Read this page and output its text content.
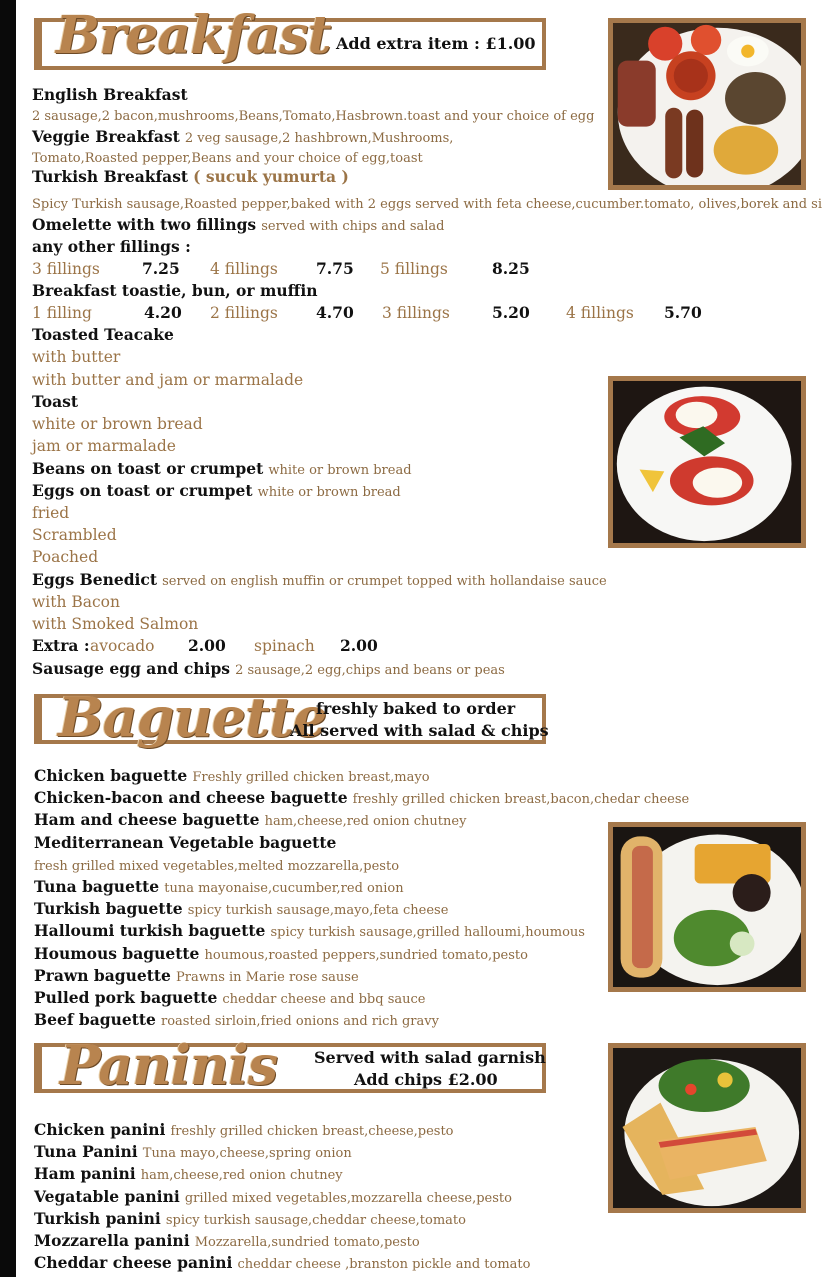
Breakfast Add extra item : £1.00
English Breakfast
2 sausage,2 bacon,mushrooms,Beans,Tomato,Hasbrown.toast and your choice of egg
Veggie Breakfast 2 veg sausage,2 hashbrown,Mushrooms,
Tomato,Roasted pepper,Beans and your choice of egg,toast
Turkish Breakfast ( sucuk yumurta )
Spicy Turkish sausage,Roasted pepper,baked with 2 eggs served with feta cheese,cucumber.tomato, olives,borek and si
Omelette with two fillings served with chips and salad
any other fillings :
3 fillings	7.25 4 fillings 7.75 5 fillings	8.25
Breakfast toastie, bun, or muffin
1 filling	4.20 2 fillings 4.70 3 fillings	5.20 4 fillings 5.70
Toasted Teacake
with butter
with butter and jam or marmalade
Toast
white or brown bread
jam or marmalade
Beans on toast or crumpet white or brown bread
Eggs on toast or crumpet white or brown bread
fried
Scrambled
Poached
Eggs Benedict served on english muffin or crumpet topped with hollandaise sauce
with Bacon
with Smoked Salmon
Extra : avocado 2.00 spinach 2.00
Sausage egg and chips 2 sausage,2 egg,chips and beans or peas
Baguette
freshly baked to order
All served with salad & chips
Chicken baguette Freshly grilled chicken breast,mayo
Chicken-bacon and cheese baguette freshly grilled chicken breast,bacon,chedar cheese
Ham and cheese baguette ham,cheese,red onion chutney
Mediterranean Vegetable baguette
fresh grilled mixed vegetables,melted mozzarella,pesto
Tuna baguette tuna mayonaise,cucumber,red onion
Turkish baguette spicy turkish sausage,mayo,feta cheese
Halloumi turkish baguette spicy turkish sausage,grilled halloumi,houmous
Houmous baguette houmous,roasted peppers,sundried tomato,pesto
Prawn baguette Prawns in Marie rose sause
Pulled pork baguette cheddar cheese and bbq sauce
Beef baguette roasted sirloin,fried onions and rich gravy
Paninis Served with salad garnish
Add chips £2.00
Chicken panini freshly grilled chicken breast,cheese,pesto
Tuna Panini Tuna mayo,cheese,spring onion
Ham panini ham,cheese,red onion chutney
Vegatable panini grilled mixed vegetables,mozzarella cheese,pesto
Turkish panini spicy turkish sausage,cheddar cheese,tomato
Mozzarella panini Mozzarella,sundried tomato,pesto
Cheddar cheese panini cheddar cheese ,branston pickle and tomato
